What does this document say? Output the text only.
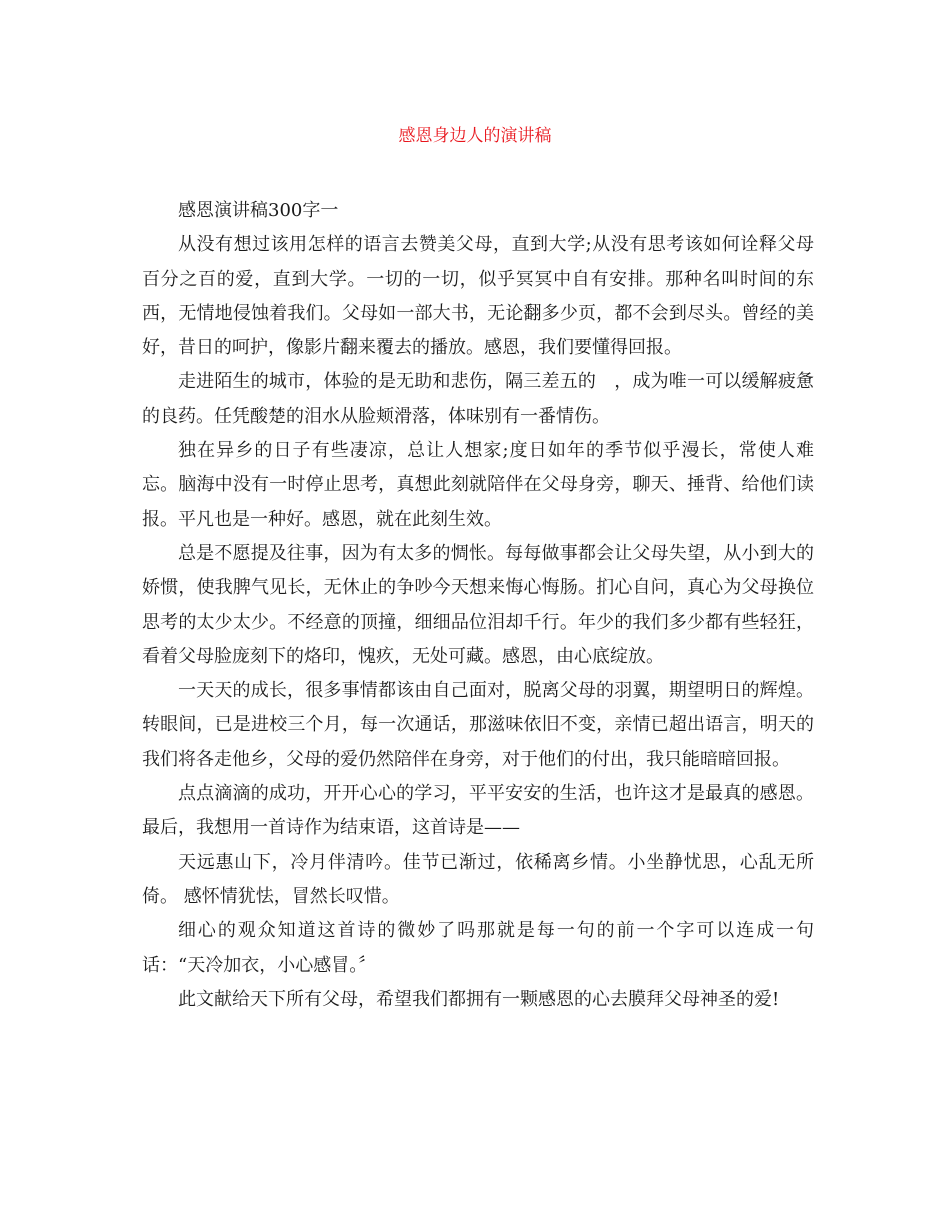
感恩身边人的演讲稿

感恩演讲稿300字一

从没有想过该用怎样的语言去赞美父母，直到大学;从没有思考该如何诠释父母百分之百的爱，直到大学。一切的一切，似乎冥冥中自有安排。那种名叫时间的东西，无情地侵蚀着我们。父母如一部大书，无论翻多少页，都不会到尽头。曾经的美好，昔日的呵护，像影片翻来覆去的播放。感恩，我们要懂得回报。

走进陌生的城市，体验的是无助和悲伤，隔三差五的　，成为唯一可以缓解疲惫的良药。任凭酸楚的泪水从脸颊滑落，体味别有一番情伤。

独在异乡的日子有些凄凉，总让人想家;度日如年的季节似乎漫长，常使人难忘。脑海中没有一时停止思考，真想此刻就陪伴在父母身旁，聊天、捶背、给他们读报。平凡也是一种好。感恩，就在此刻生效。

总是不愿提及往事，因为有太多的惆怅。每每做事都会让父母失望，从小到大的娇惯，使我脾气见长，无休止的争吵今天想来悔心悔肠。扪心自问，真心为父母换位思考的太少太少。不经意的顶撞，细细品位泪却千行。年少的我们多少都有些轻狂，看着父母脸庞刻下的烙印，愧疚，无处可藏。感恩，由心底绽放。

一天天的成长，很多事情都该由自己面对，脱离父母的羽翼，期望明日的辉煌。转眼间，已是进校三个月，每一次通话，那滋味依旧不变，亲情已超出语言，明天的我们将各走他乡，父母的爱仍然陪伴在身旁，对于他们的付出，我只能暗暗回报。

点点滴滴的成功，开开心心的学习，平平安安的生活，也许这才是最真的感恩。最后，我想用一首诗作为结束语，这首诗是——

天远惠山下，冷月伴清吟。佳节已渐过，依稀离乡情。小坐静忧思，心乱无所倚。 感怀情犹怯，冒然长叹惜。

细心的观众知道这首诗的微妙了吗那就是每一句的前一个字可以连成一句话：“天冷加衣，小心感冒。〞

此文献给天下所有父母，希望我们都拥有一颗感恩的心去膜拜父母神圣的爱!
